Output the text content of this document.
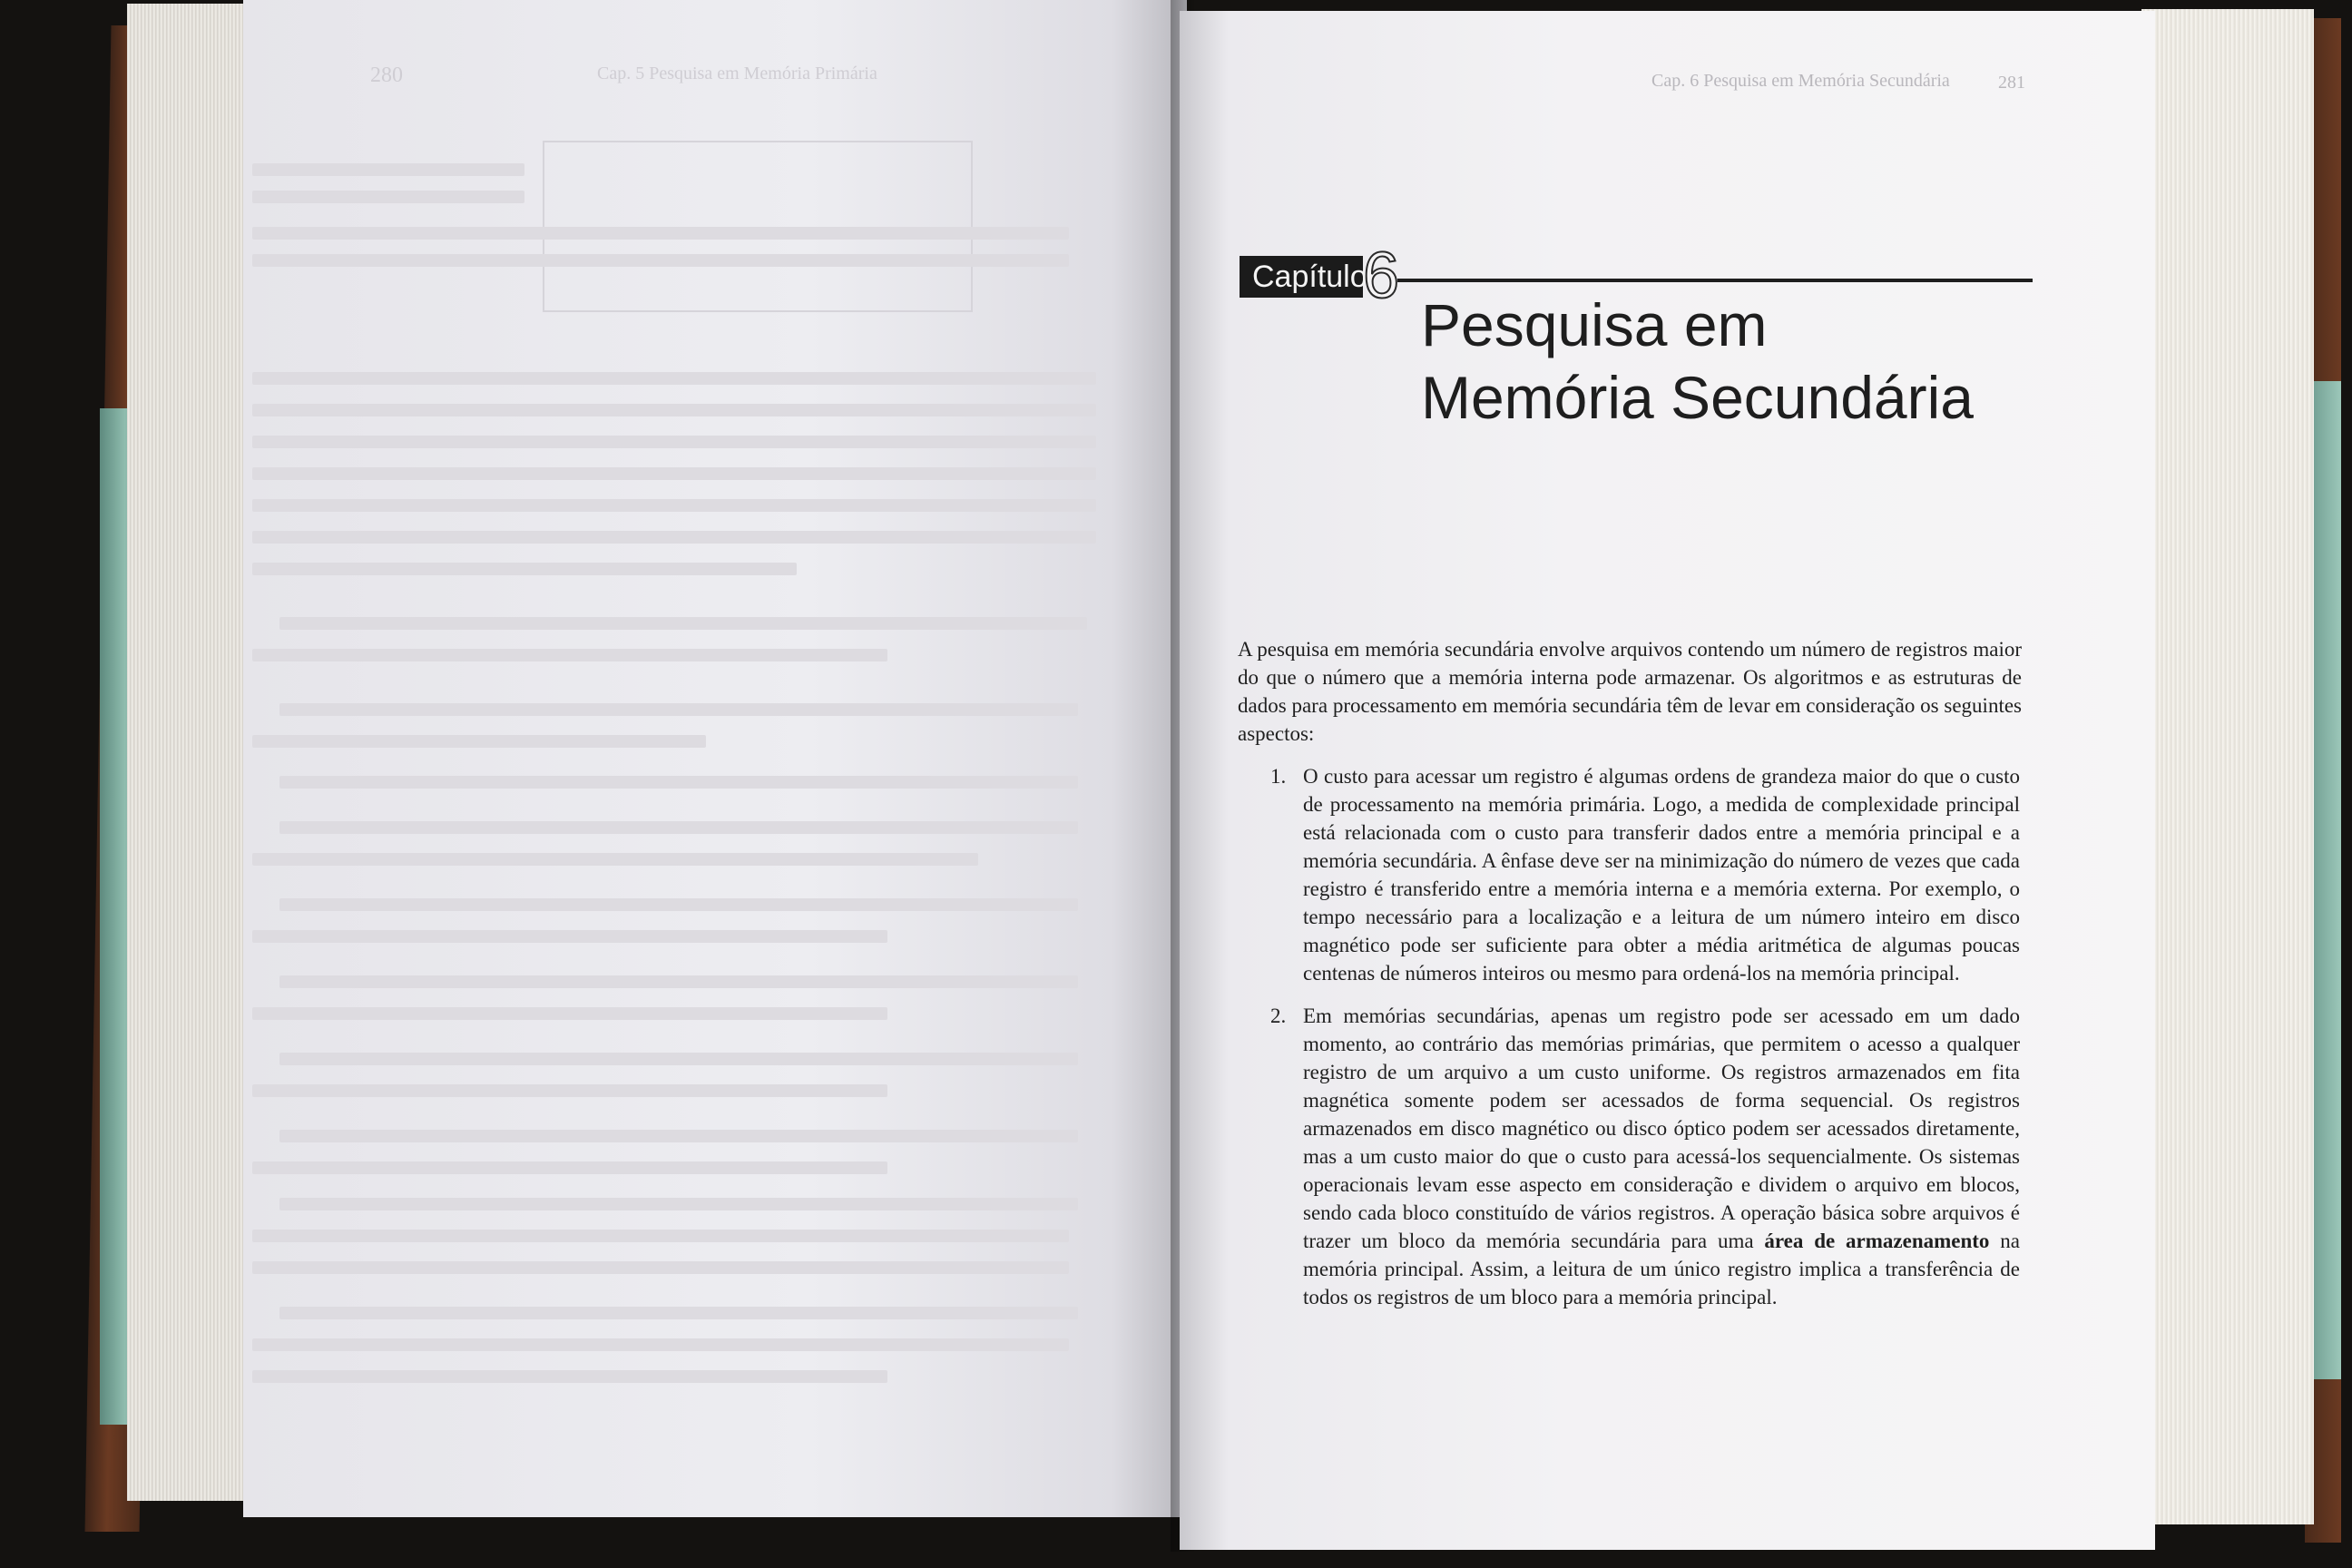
280	Cap. 5 Pesquisa em Memória Primária	Cap. 6 Pesquisa em Memória Secundária	281
Capítulo
6
Pesquisa em
Memória Secundária
A pesquisa em memória secundária envolve arquivos contendo um número de registros maior do que o número que a memória interna pode armazenar. Os algoritmos e as estruturas de dados para processamento em memória secundária têm de levar em consideração os seguintes aspectos:
1. O custo para acessar um registro é algumas ordens de grandeza maior do que o custo de processamento na memória primária. Logo, a medida de complexidade principal está relacionada com o custo para transferir dados entre a memória principal e a memória secundária. A ênfase deve ser na minimização do número de vezes que cada registro é transferido entre a memória interna e a memória externa. Por exemplo, o tempo necessário para a localização e a leitura de um número inteiro em disco magnético pode ser suficiente para obter a média aritmética de algumas poucas centenas de números inteiros ou mesmo para ordená-los na memória principal.
2. Em memórias secundárias, apenas um registro pode ser acessado em um dado momento, ao contrário das memórias primárias, que permitem o acesso a qualquer registro de um arquivo a um custo uniforme. Os registros armazenados em fita magnética somente podem ser acessados de forma sequencial. Os registros armazenados em disco magnético ou disco óptico podem ser acessados diretamente, mas a um custo maior do que o custo para acessá-los sequencialmente. Os sistemas operacionais levam esse aspecto em consideração e dividem o arquivo em blocos, sendo cada bloco constituído de vários registros. A operação básica sobre arquivos é trazer um bloco da memória secundária para uma área de armazenamento na memória principal. Assim, a leitura de um único registro implica a transferência de todos os registros de um bloco para a memória principal.
